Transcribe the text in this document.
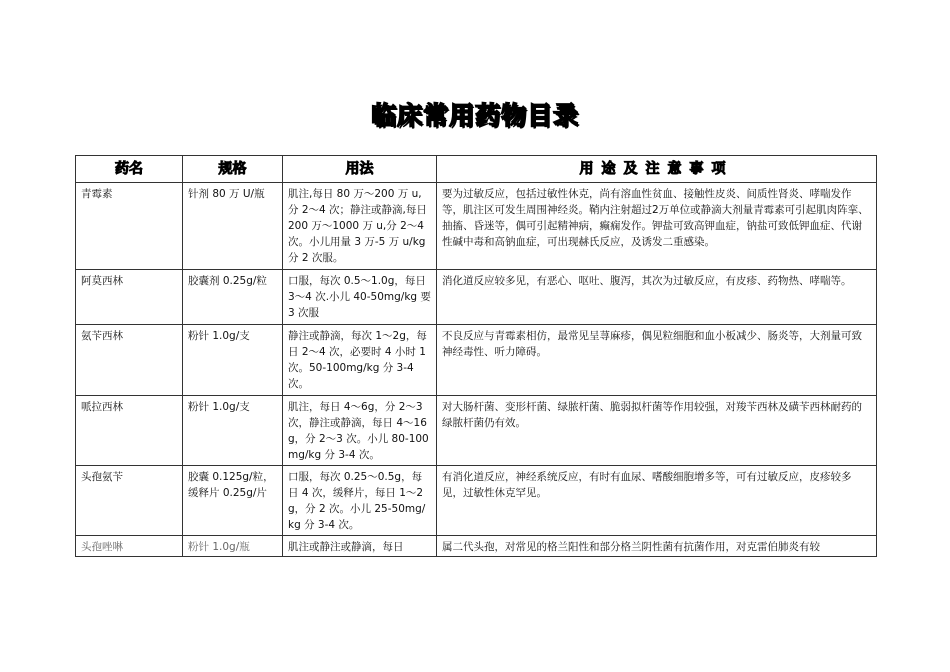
临床常用药物目录
药名	规格	用法	用途及注意事项
青霉素	针剂 80 万 U/瓶	肌注,每日 80 万～200 万 u,分 2～4 次；静注或静滴,每日 200 万～1000 万 u,分 2～4 次。小儿用量 3 万-5 万 u/kg 分 2 次服。	要为过敏反应，包括过敏性休克，尚有溶血性贫血、接触性皮炎、间质性肾炎、哮喘发作等，肌注区可发生周围神经炎。鞘内注射超过2万单位或静滴大剂量青霉素可引起肌肉阵挛、抽搐、昏迷等，偶可引起精神病，癫痫发作。钾盐可致高钾血症，钠盐可致低钾血症、代谢性碱中毒和高钠血症，可出现赫氏反应，及诱发二重感染。
阿莫西林	胶囊剂 0.25g/粒	口服，每次 0.5～1.0g，每日 3～4 次.小儿 40-50mg/kg 要 3 次服	消化道反应较多见，有恶心、呕吐、腹泻，其次为过敏反应，有皮疹、药物热、哮喘等。
氨苄西林	粉针 1.0g/支	静注或静滴，每次 1～2g，每日 2～4 次，必要时 4 小时 1 次。50-100mg/kg 分 3-4 次。	不良反应与青霉素相仿，最常见呈荨麻疹，偶见粒细胞和血小板减少、肠炎等，大剂量可致神经毒性、听力障碍。
哌拉西林	粉针 1.0g/支	肌注，每日 4～6g，分 2～3 次，静注或静滴，每日 4～16g，分 2～3 次。小儿 80-100mg/kg 分 3-4 次。	对大肠杆菌、变形杆菌、绿脓杆菌、脆弱拟杆菌等作用较强，对羧苄西林及磺苄西林耐药的绿脓杆菌仍有效。
头孢氨苄	胶囊 0.125g/粒，缓释片 0.25g/片	口服，每次 0.25～0.5g，每日 4 次，缓释片，每日 1～2g，分 2 次。小儿 25-50mg/kg 分 3-4 次。	有消化道反应，神经系统反应，有时有血尿、嗜酸细胞增多等，可有过敏反应，皮疹较多见，过敏性休克罕见。
头孢唑啉	粉针 1.0g/瓶	肌注或静注或静滴，每日	属二代头孢，对常见的格兰阳性和部分格兰阴性菌有抗菌作用，对克雷伯肺炎有较
